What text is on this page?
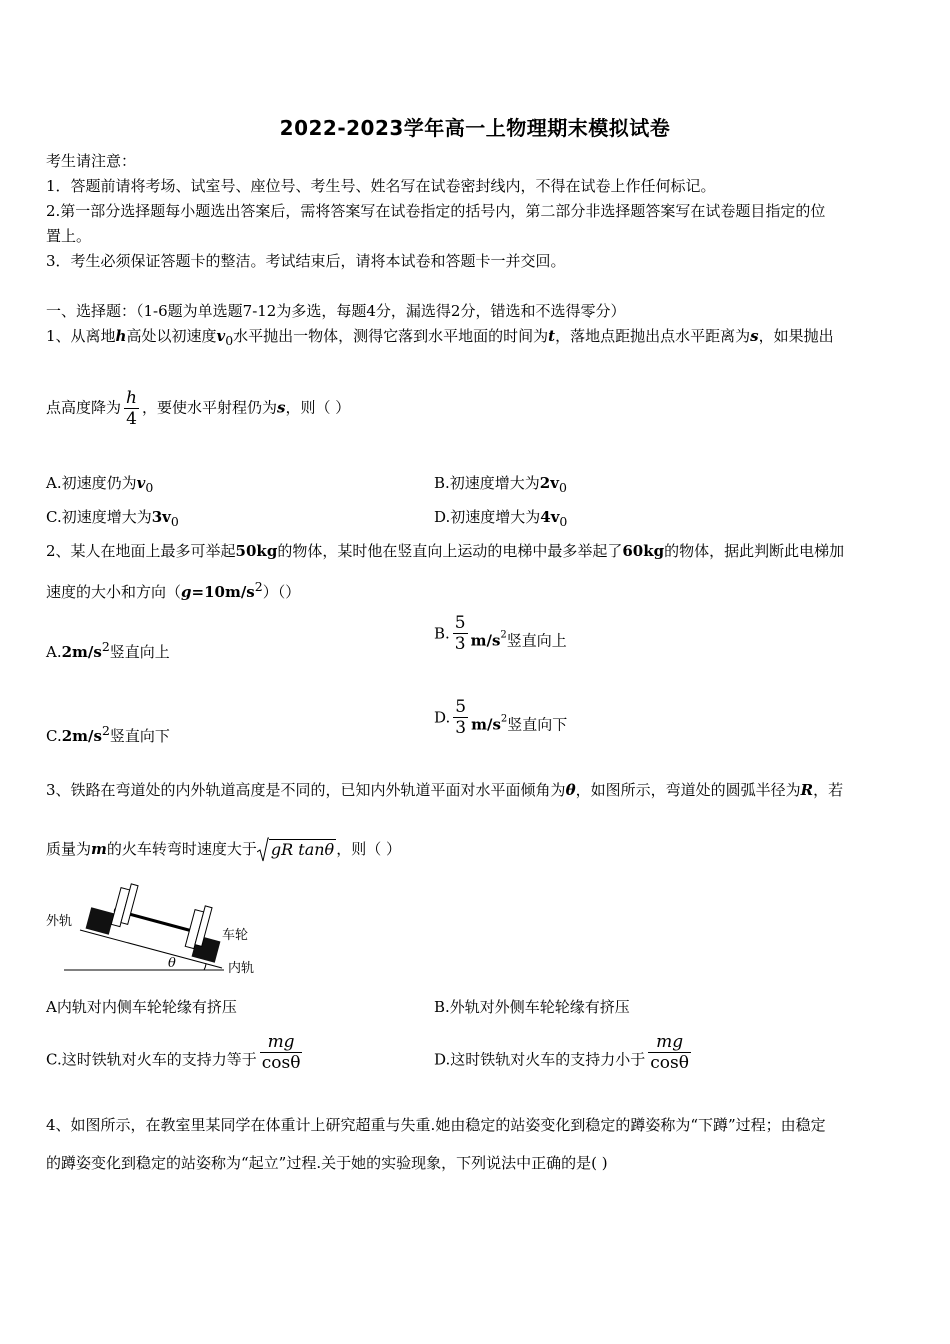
2022-2023学年高一上物理期末模拟试卷
考生请注意：
1．答题前请将考场、试室号、座位号、考生号、姓名写在试卷密封线内，不得在试卷上作任何标记。
2.第一部分选择题每小题选出答案后，需将答案写在试卷指定的括号内，第二部分非选择题答案写在试卷题目指定的位
置上。
3．考生必须保证答题卡的整洁。考试结束后，请将本试卷和答题卡一并交回。
一、选择题：（1-6题为单选题7-12为多选，每题4分，漏选得2分，错选和不选得零分）
1、从离地h高处以初速度$v_0$水平抛出一物体，测得它落到水平地面的时间为t，落地点距抛出点水平距离为s，如果抛出
点高度降为 $\frac{h}{4}$ ，要使水平射程仍为s，则（ ）
A.初速度仍为$v_0$	B.初速度增大为$2v_0$
C.初速度增大为$3v_0$	D.初速度增大为$4v_0$
2、某人在地面上最多可举起50kg的物体，某时他在竖直向上运动的电梯中最多举起了60kg的物体，据此判断此电梯加
速度的大小和方向$(g=10m/s^2)()$
$A.2m/s^2$竖直向上
B. $\frac{5}{3} m/s2$竖直向上
$C.2m/s^2$竖直向下
D. $\frac{5}{3} m/s2$竖直向下
3、铁路在弯道处的内外轨道高度是不同的，已知内外轨道平面对水平面倾角为θ，如图所示，弯道处的圆弧半径为R，若
质量为m的火车转弯时速度大于 gR tanθ ，则（ ）
外轨
车轮
内轨
θ
A内轨对内侧车轮轮缘有挤压	B.外轨对外侧车轮轮缘有挤压
C.这时铁轨对火车的支持力等于 $\frac{mg}{\cos\theta}$	D.这时铁轨对火车的支持力小于 $\frac{mg}{\cos\theta}$
4、如图所示，在教室里某同学在体重计上研究超重与失重.她由稳定的站姿变化到稳定的蹲姿称为“下蹲”过程；由稳定
的蹲姿变化到稳定的站姿称为“起立”过程.关于她的实验现象，下列说法中正确的是( )
